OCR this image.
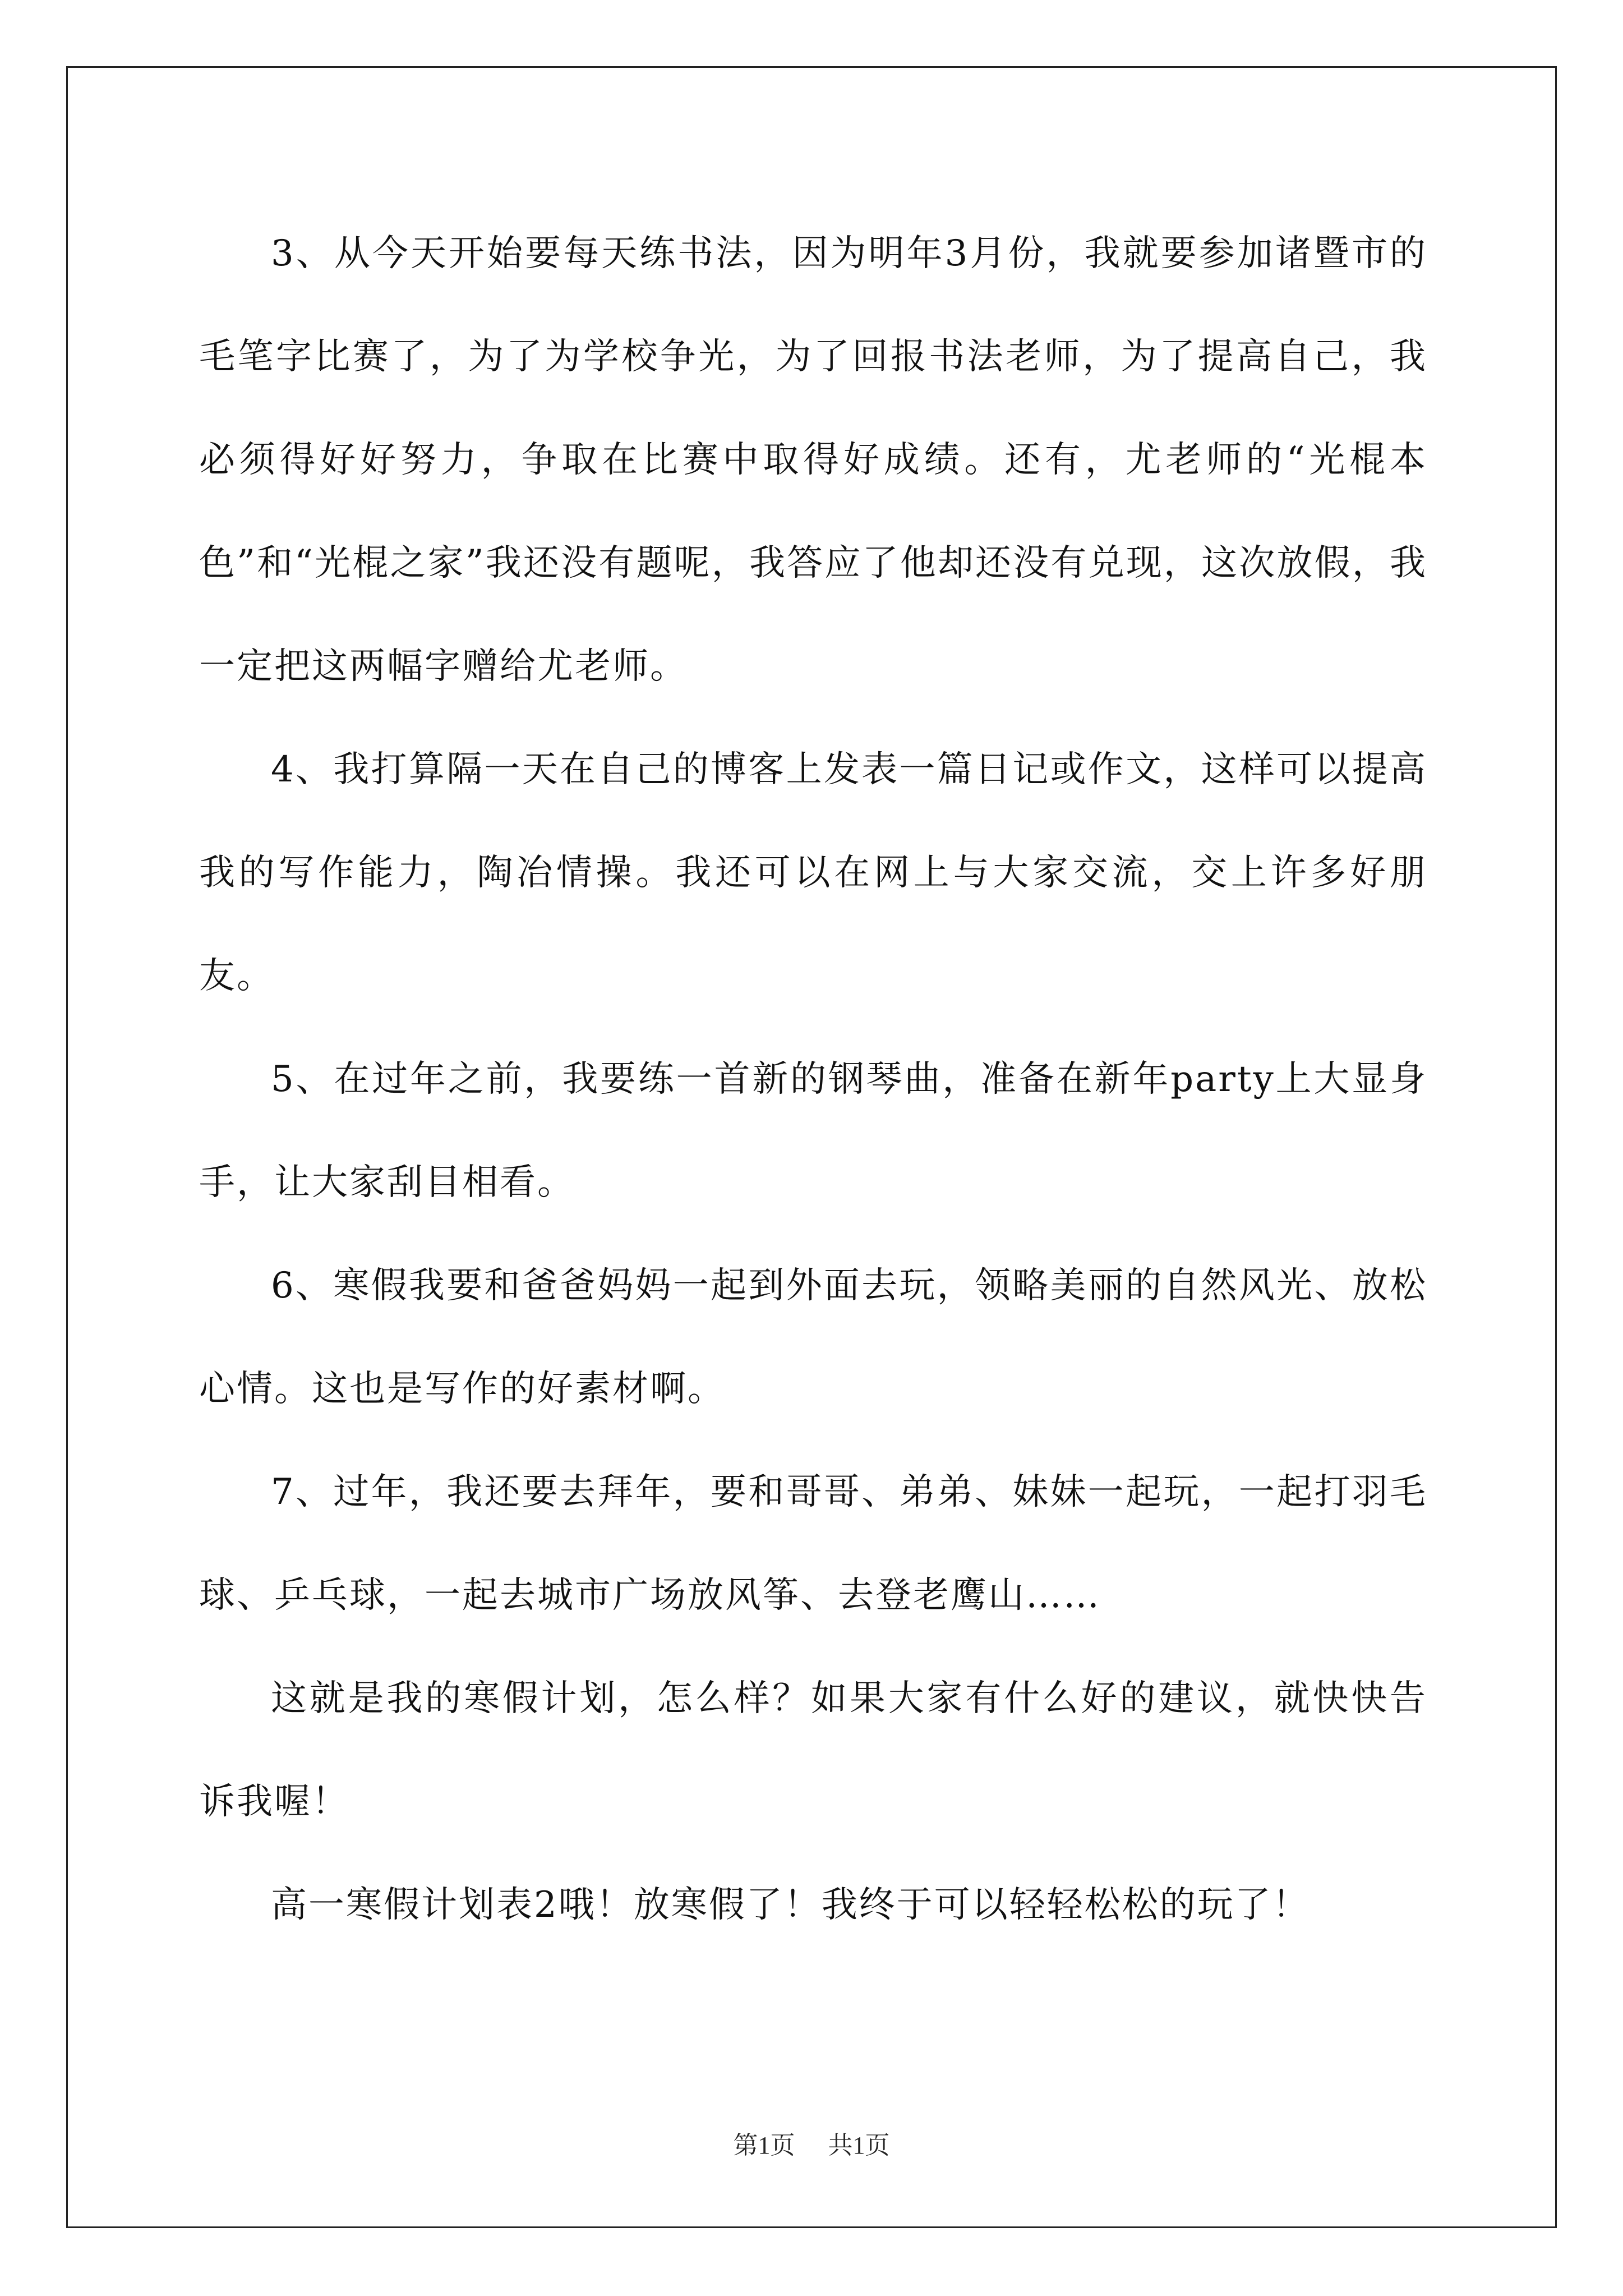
3、从今天开始要每天练书法，因为明年3月份，我就要参加诸暨市的毛笔字比赛了，为了为学校争光，为了回报书法老师，为了提高自己，我必须得好好努力，争取在比赛中取得好成绩。还有，尤老师的“光棍本色”和“光棍之家”我还没有题呢，我答应了他却还没有兑现，这次放假，我一定把这两幅字赠给尤老师。

4、我打算隔一天在自己的博客上发表一篇日记或作文，这样可以提高我的写作能力，陶冶情操。我还可以在网上与大家交流，交上许多好朋友。

5、在过年之前，我要练一首新的钢琴曲，准备在新年party上大显身手，让大家刮目相看。

6、寒假我要和爸爸妈妈一起到外面去玩，领略美丽的自然风光、放松心情。这也是写作的好素材啊。

7、过年，我还要去拜年，要和哥哥、弟弟、妹妹一起玩，一起打羽毛球、乒乓球，一起去城市广场放风筝、去登老鹰山……

这就是我的寒假计划，怎么样？如果大家有什么好的建议，就快快告诉我喔！

高一寒假计划表2哦！放寒假了！我终于可以轻轻松松的玩了！

第1页 共1页
